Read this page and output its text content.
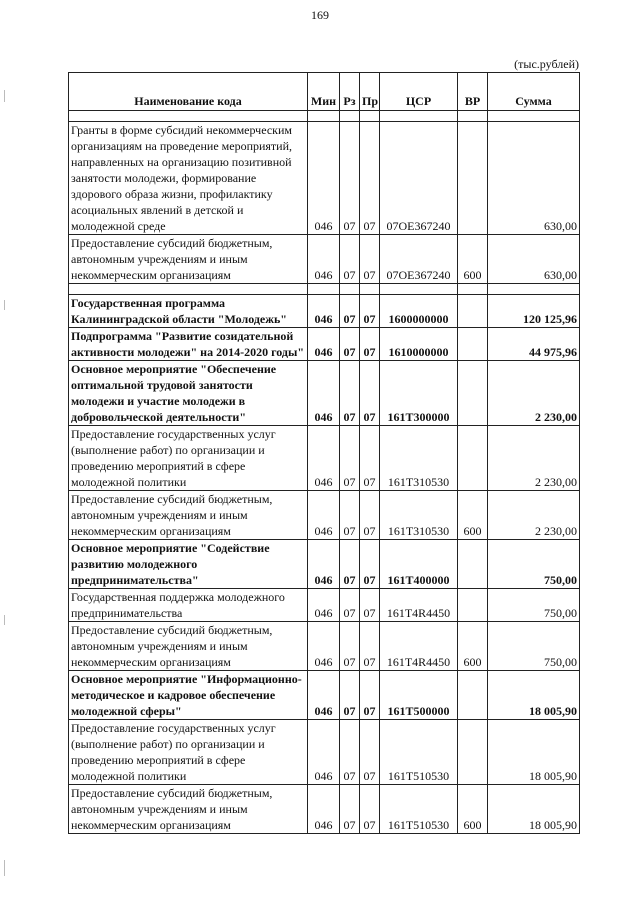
169
(тыс.рублей)
Наименование кода	Мин	Рз	Пр	ЦСР	ВР	Сумма

Гранты в форме субсидий некоммерческим организациям на проведение мероприятий, направленных на организацию позитивной занятости молодежи, формирование здорового образа жизни, профилактику асоциальных явлений в детской и молодежной среде	046	07	07	07ОЕ367240		630,00
Предоставление субсидий бюджетным, автономным учреждениям и иным некоммерческим организациям	046	07	07	07ОЕ367240	600	630,00

Государственная программа Калининградской области "Молодежь"	046	07	07	1600000000		120 125,96
Подпрограмма "Развитие созидательной активности молодежи" на 2014-2020 годы"	046	07	07	1610000000		44 975,96
Основное мероприятие "Обеспечение оптимальной трудовой занятости молодежи и участие молодежи в добровольческой деятельности"	046	07	07	161Т300000		2 230,00
Предоставление государственных услуг (выполнение работ) по организации и проведению мероприятий в сфере молодежной политики	046	07	07	161Т310530		2 230,00
Предоставление субсидий бюджетным, автономным учреждениям и иным некоммерческим организациям	046	07	07	161Т310530	600	2 230,00
Основное мероприятие "Содействие развитию молодежного предпринимательства"	046	07	07	161Т400000		750,00
Государственная поддержка молодежного предпринимательства	046	07	07	161Т4R4450		750,00
Предоставление субсидий бюджетным, автономным учреждениям и иным некоммерческим организациям	046	07	07	161Т4R4450	600	750,00
Основное мероприятие "Информационно-методическое и кадровое обеспечение молодежной сферы"	046	07	07	161Т500000		18 005,90
Предоставление государственных услуг (выполнение работ) по организации и проведению мероприятий в сфере молодежной политики	046	07	07	161Т510530		18 005,90
Предоставление субсидий бюджетным, автономным учреждениям и иным некоммерческим организациям	046	07	07	161Т510530	600	18 005,90
